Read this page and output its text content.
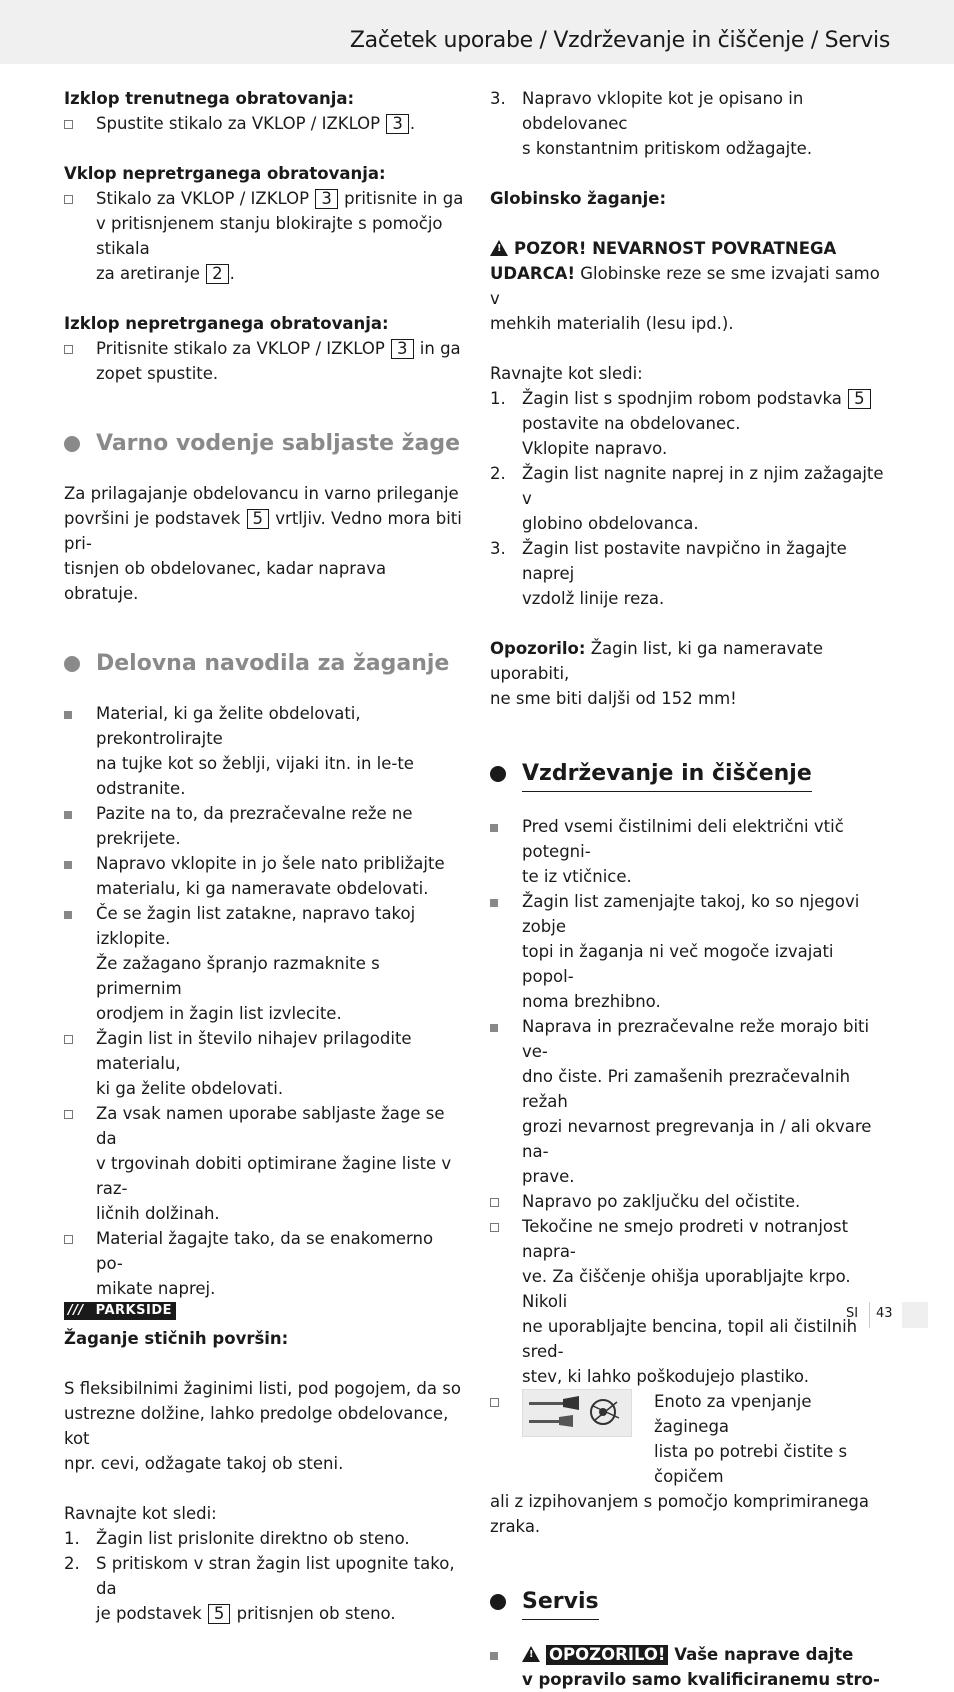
Začetek uporabe / Vzdrževanje in čiščenje / Servis
Izklop trenutnega obratovanja:
Spustite stikalo za VKLOP / IZKLOP 3 .
Vklop nepretrganega obratovanja:
Stikalo za VKLOP / IZKLOP 3 pritisnite in ga
v pritisnjenem stanju blokirajte s pomočjo stikala
za aretiranje 2 .
Izklop nepretrganega obratovanja:
Pritisnite stikalo za VKLOP / IZKLOP 3 in ga
zopet spustite.
Varno vodenje sabljaste žage
Za prilagajanje obdelovancu in varno prileganje
površini je podstavek 5 vrtljiv. Vedno mora biti pri-
tisnjen ob obdelovanec, kadar naprava obratuje.
Delovna navodila za žaganje
Material, ki ga želite obdelovati, prekontrolirajte
na tujke kot so žeblji, vijaki itn. in le-te odstranite.
Pazite na to, da prezračevalne reže ne prekrijete.
Napravo vklopite in jo šele nato približajte
materialu, ki ga nameravate obdelovati.
Če se žagin list zatakne, napravo takoj izklopite.
Že zažagano špranjo razmaknite s primernim
orodjem in žagin list izvlecite.
Žagin list in število nihajev prilagodite materialu,
ki ga želite obdelovati.
Za vsak namen uporabe sabljaste žage se da
v trgovinah dobiti optimirane žagine liste v raz-
ličnih dolžinah.
Material žagajte tako, da se enakomerno po-
mikate naprej.
Žaganje stičnih površin:
S fleksibilnimi žaginimi listi, pod pogojem, da so
ustrezne dolžine, lahko predolge obdelovance, kot
npr. cevi, odžagate takoj ob steni.
Ravnajte kot sledi:
1. Žagin list prislonite direktno ob steno.
2. S pritiskom v stran žagin list upognite tako, da
je podstavek 5 pritisnjen ob steno.
3. Napravo vklopite kot je opisano in obdelovanec
s konstantnim pritiskom odžagajte.
Globinsko žaganje:
! POZOR! NEVARNOST POVRATNEGA
UDARCA! Globinske reze se sme izvajati samo v
mehkih materialih (lesu ipd.).
Ravnajte kot sledi:
1. Žagin list s spodnjim robom podstavka 5
postavite na obdelovanec.
Vklopite napravo.
2. Žagin list nagnite naprej in z njim zažagajte v
globino obdelovanca.
3. Žagin list postavite navpično in žagajte naprej
vzdolž linije reza.
Opozorilo: Žagin list, ki ga nameravate uporabiti,
ne sme biti daljši od 152 mm!
Vzdrževanje in čiščenje
Pred vsemi čistilnimi deli električni vtič potegni-
te iz vtičnice.
Žagin list zamenjajte takoj, ko so njegovi zobje
topi in žaganja ni več mogoče izvajati popol-
noma brezhibno.
Naprava in prezračevalne reže morajo biti ve-
dno čiste. Pri zamašenih prezračevalnih režah
grozi nevarnost pregrevanja in / ali okvare na-
prave.
Napravo po zaključku del očistite.
Tekočine ne smejo prodreti v notranjost napra-
ve. Za čiščenje ohišja uporabljajte krpo. Nikoli
ne uporabljajte bencina, topil ali čistilnih sred-
stev, ki lahko poškodujejo plastiko.
Enoto za vpenjanje žaginega
lista po potrebi čistite s čopičem
ali z izpihovanjem s pomočjo komprimiranega
zraka.
Servis
! OPOZORILO! Vaše naprave dajte
v popravilo samo kvalificiranemu stro-
/// PARKSIDE	SI 43
